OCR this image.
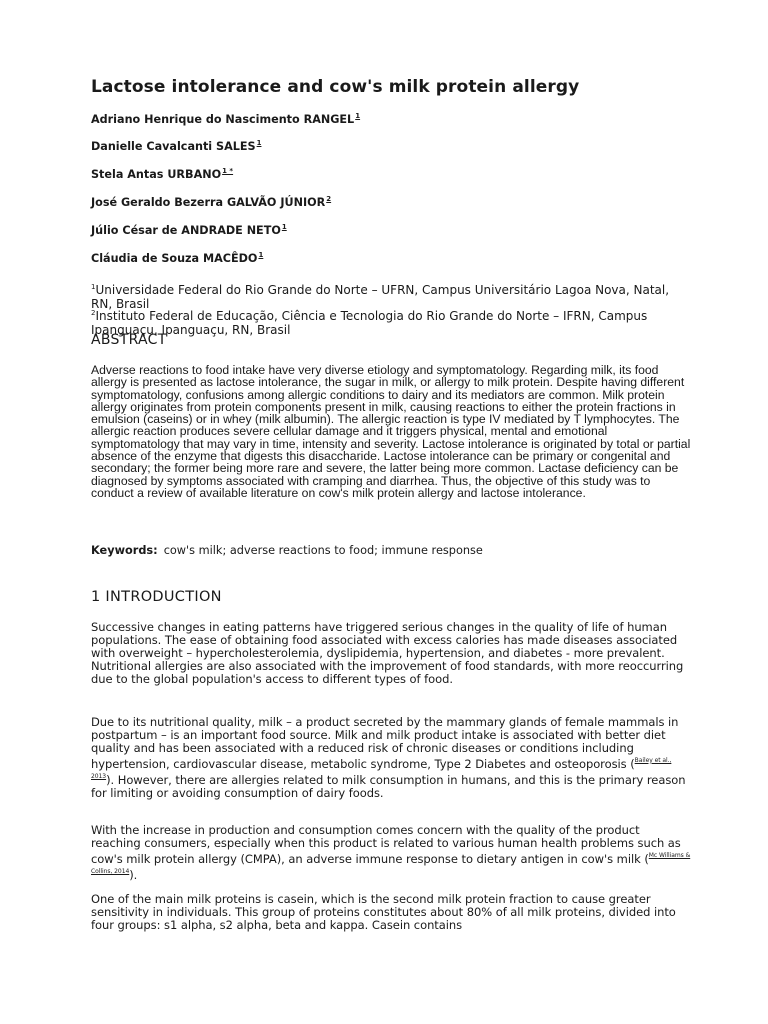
Lactose intolerance and cow's milk protein allergy

Adriano Henrique do Nascimento RANGEL$^1$

Danielle Cavalcanti SALES$^1$

Stela Antas $URBANO^{1 *}$

José Geraldo Bezerra GALVÃO JÚNIOR$^2$

Júlio César de ANDRADE NETO$^1$

Cláudia de Souza MACÊDO$^1$

$^1$Universidade Federal do Rio Grande do Norte – UFRN, Campus Universitário Lagoa Nova, Natal, RN, Brasil

$^2$Instituto Federal de Educação, Ciência e Tecnologia do Rio Grande do Norte – IFRN, Campus Ipanguaçu, Ipanguaçu, RN, Brasil

ABSTRACT

Adverse reactions to food intake have very diverse etiology and symptomatology. Regarding milk, its food allergy is presented as lactose intolerance, the sugar in milk, or allergy to milk protein. Despite having different symptomatology, confusions among allergic conditions to dairy and its mediators are common. Milk protein allergy originates from protein components present in milk, causing reactions to either the protein fractions in emulsion (caseins) or in whey (milk albumin). The allergic reaction is type IV mediated by T lymphocytes. The allergic reaction produces severe cellular damage and it triggers physical, mental and emotional symptomatology that may vary in time, intensity and severity. Lactose intolerance is originated by total or partial absence of the enzyme that digests this disaccharide. Lactose intolerance can be primary or congenital and secondary; the former being more rare and severe, the latter being more common. Lactase deficiency can be diagnosed by symptoms associated with cramping and diarrhea. Thus, the objective of this study was to conduct a review of available literature on cow's milk protein allergy and lactose intolerance.

Keywords: cow's milk; adverse reactions to food; immune response

1 INTRODUCTION

Successive changes in eating patterns have triggered serious changes in the quality of life of human populations. The ease of obtaining food associated with excess calories has made diseases associated with overweight – hypercholesterolemia, dyslipidemia, hypertension, and diabetes - more prevalent. Nutritional allergies are also associated with the improvement of food standards, with more reoccurring due to the global population's access to different types of food.

Due to its nutritional quality, milk – a product secreted by the mammary glands of female mammals in postpartum – is an important food source. Milk and milk product intake is associated with better diet quality and has been associated with a reduced risk of chronic diseases or conditions including hypertension, cardiovascular disease, metabolic syndrome, Type 2 Diabetes and osteoporosis ($^{Bailey et al., 2013}$). However, there are allergies related to milk consumption in humans, and this is the primary reason for limiting or avoiding consumption of dairy foods.

With the increase in production and consumption comes concern with the quality of the product reaching consumers, especially when this product is related to various human health problems such as cow's milk protein allergy (CMPA), an adverse immune response to dietary antigen in cow's milk ($^{Mc Williams \& Collins, 2014}$).

One of the main milk proteins is casein, which is the second milk protein fraction to cause greater sensitivity in individuals. This group of proteins constitutes about 80% of all milk proteins, divided into four groups: s1 alpha, s2 alpha, beta and kappa. Casein contains
